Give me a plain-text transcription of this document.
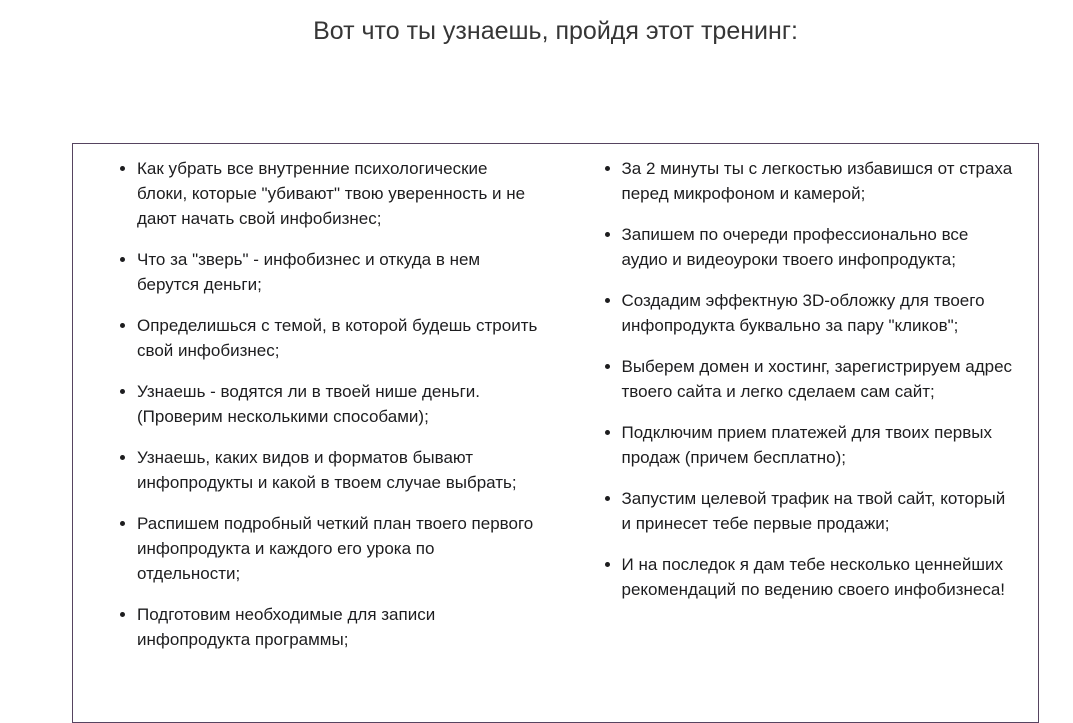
Вот что ты узнаешь, пройдя этот тренинг:
• Как убрать все внутренние психологические блоки, которые "убивают" твою уверенность и не дают начать свой инфобизнес;
• Что за "зверь" - инфобизнес и откуда в нем берутся деньги;
• Определишься с темой, в которой будешь строить свой инфобизнес;
• Узнаешь - водятся ли в твоей нише деньги. (Проверим несколькими способами);
• Узнаешь, каких видов и форматов бывают инфопродукты и какой в твоем случае выбрать;
• Распишем подробный четкий план твоего первого инфопродукта и каждого его урока по отдельности;
• Подготовим необходимые для записи инфопродукта программы;
• За 2 минуты ты с легкостью избавишся от страха перед микрофоном и камерой;
• Запишем по очереди профессионально все аудио и видеоуроки твоего инфопродукта;
• Создадим эффектную 3D-обложку для твоего инфопродукта буквально за пару "кликов";
• Выберем домен и хостинг, зарегистрируем адрес твоего сайта и легко сделаем сам сайт;
• Подключим прием платежей для твоих первых продаж (причем бесплатно);
• Запустим целевой трафик на твой сайт, который и принесет тебе первые продажи;
• И на последок я дам тебе несколько ценнейших рекомендаций по ведению своего инфобизнеса!
